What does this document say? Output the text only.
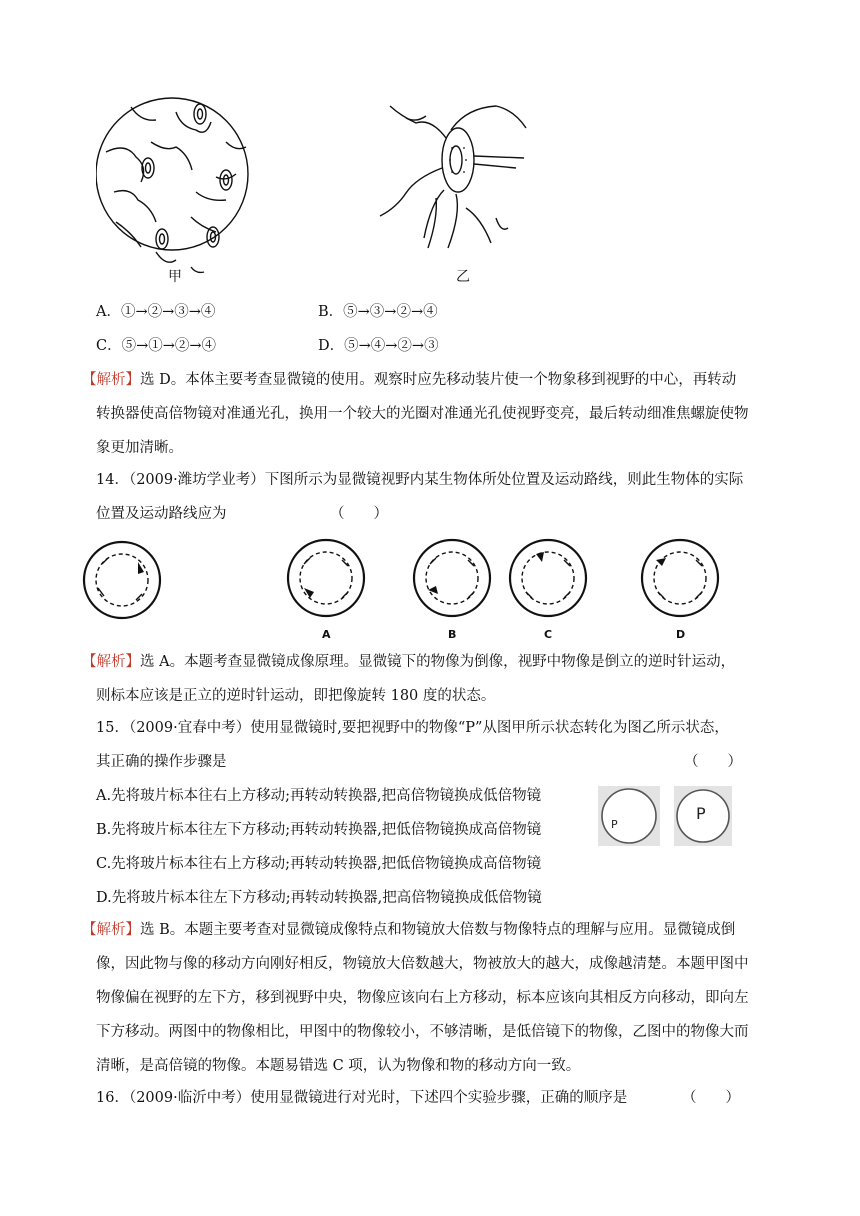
甲	乙
A．①→②→③→④	B．⑤→③→②→④
C．⑤→①→②→④	D．⑤→④→②→③
【解析】选 D。本体主要考查显微镜的使用。观察时应先移动装片使一个物象移到视野的中心，再转动
转换器使高倍物镜对准通光孔，换用一个较大的光圈对准通光孔使视野变亮，最后转动细准焦螺旋使物
象更加清晰。
14．（2009·潍坊学业考）下图所示为显微镜视野内某生物体所处位置及运动路线，则此生物体的实际
位置及运动路线应为	（　　）
A	B	C	D
【解析】选 A。本题考查显微镜成像原理。显微镜下的物像为倒像，视野中物像是倒立的逆时针运动，
则标本应该是正立的逆时针运动，即把像旋转 180 度的状态。
15．（2009·宜春中考）使用显微镜时,要把视野中的物像“P”从图甲所示状态转化为图乙所示状态，
其正确的操作步骤是	（　　）
A.先将玻片标本往右上方移动;再转动转换器,把高倍物镜换成低倍物镜
B.先将玻片标本往左下方移动;再转动转换器,把低倍物镜换成高倍物镜
C.先将玻片标本往右上方移动;再转动转换器,把低倍物镜换成高倍物镜
D.先将玻片标本往左下方移动;再转动转换器,把高倍物镜换成低倍物镜
P
P
【解析】选 B。本题主要考查对显微镜成像特点和物镜放大倍数与物像特点的理解与应用。显微镜成倒
像，因此物与像的移动方向刚好相反，物镜放大倍数越大，物被放大的越大，成像越清楚。本题甲图中
物像偏在视野的左下方，移到视野中央，物像应该向右上方移动，标本应该向其相反方向移动，即向左
下方移动。两图中的物像相比，甲图中的物像较小，不够清晰，是低倍镜下的物像，乙图中的物像大而
清晰，是高倍镜的物像。本题易错选 C 项，认为物像和物的移动方向一致。
16．（2009·临沂中考）使用显微镜进行对光时，下述四个实验步骤，正确的顺序是	（　　）
